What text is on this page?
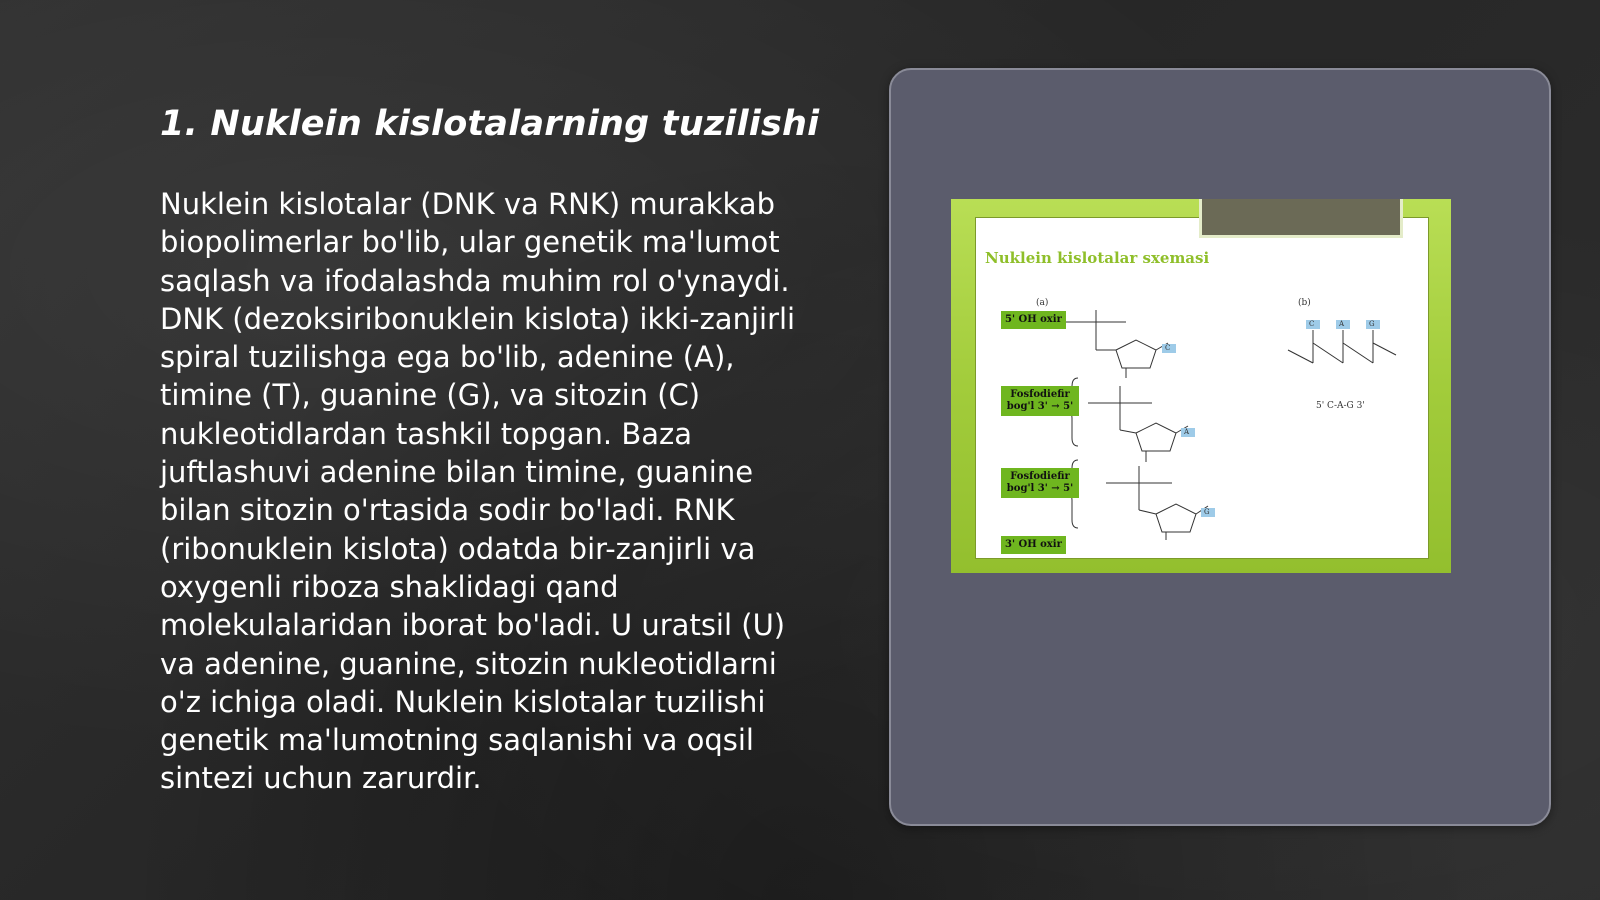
1. Nuklein kislotalarning tuzilishi

Nuklein kislotalar (DNK va RNK) murakkab biopolimerlar bo'lib, ular genetik ma'lumot saqlash va ifodalashda muhim rol o'ynaydi. DNK (dezoksiribonuklein kislota) ikki-zanjirli spiral tuzilishga ega bo'lib, adenine (A), timine (T), guanine (G), va sitozin (C) nukleotidlardan tashkil topgan. Baza juftlashuvi adenine bilan timine, guanine bilan sitozin o'rtasida sodir bo'ladi. RNK (ribonuklein kislota) odatda bir-zanjirli va oxygenli riboza shaklidagi qand molekulalaridan iborat bo'ladi. U uratsil (U) va adenine, guanine, sitozin nukleotidlarni o'z ichiga oladi. Nuklein kislotalar tuzilishi genetik ma'lumotning saqlanishi va oqsil sintezi uchun zarurdir.

Nuklein kislotalar sxemasi
(a)	(b)
5' OH oxir
Fosfodiefir bog'l 3' → 5'
Fosfodiefir bog'l 3' → 5'
3' OH oxir
C
A
G
C	A	G
5' C-A-G 3'
